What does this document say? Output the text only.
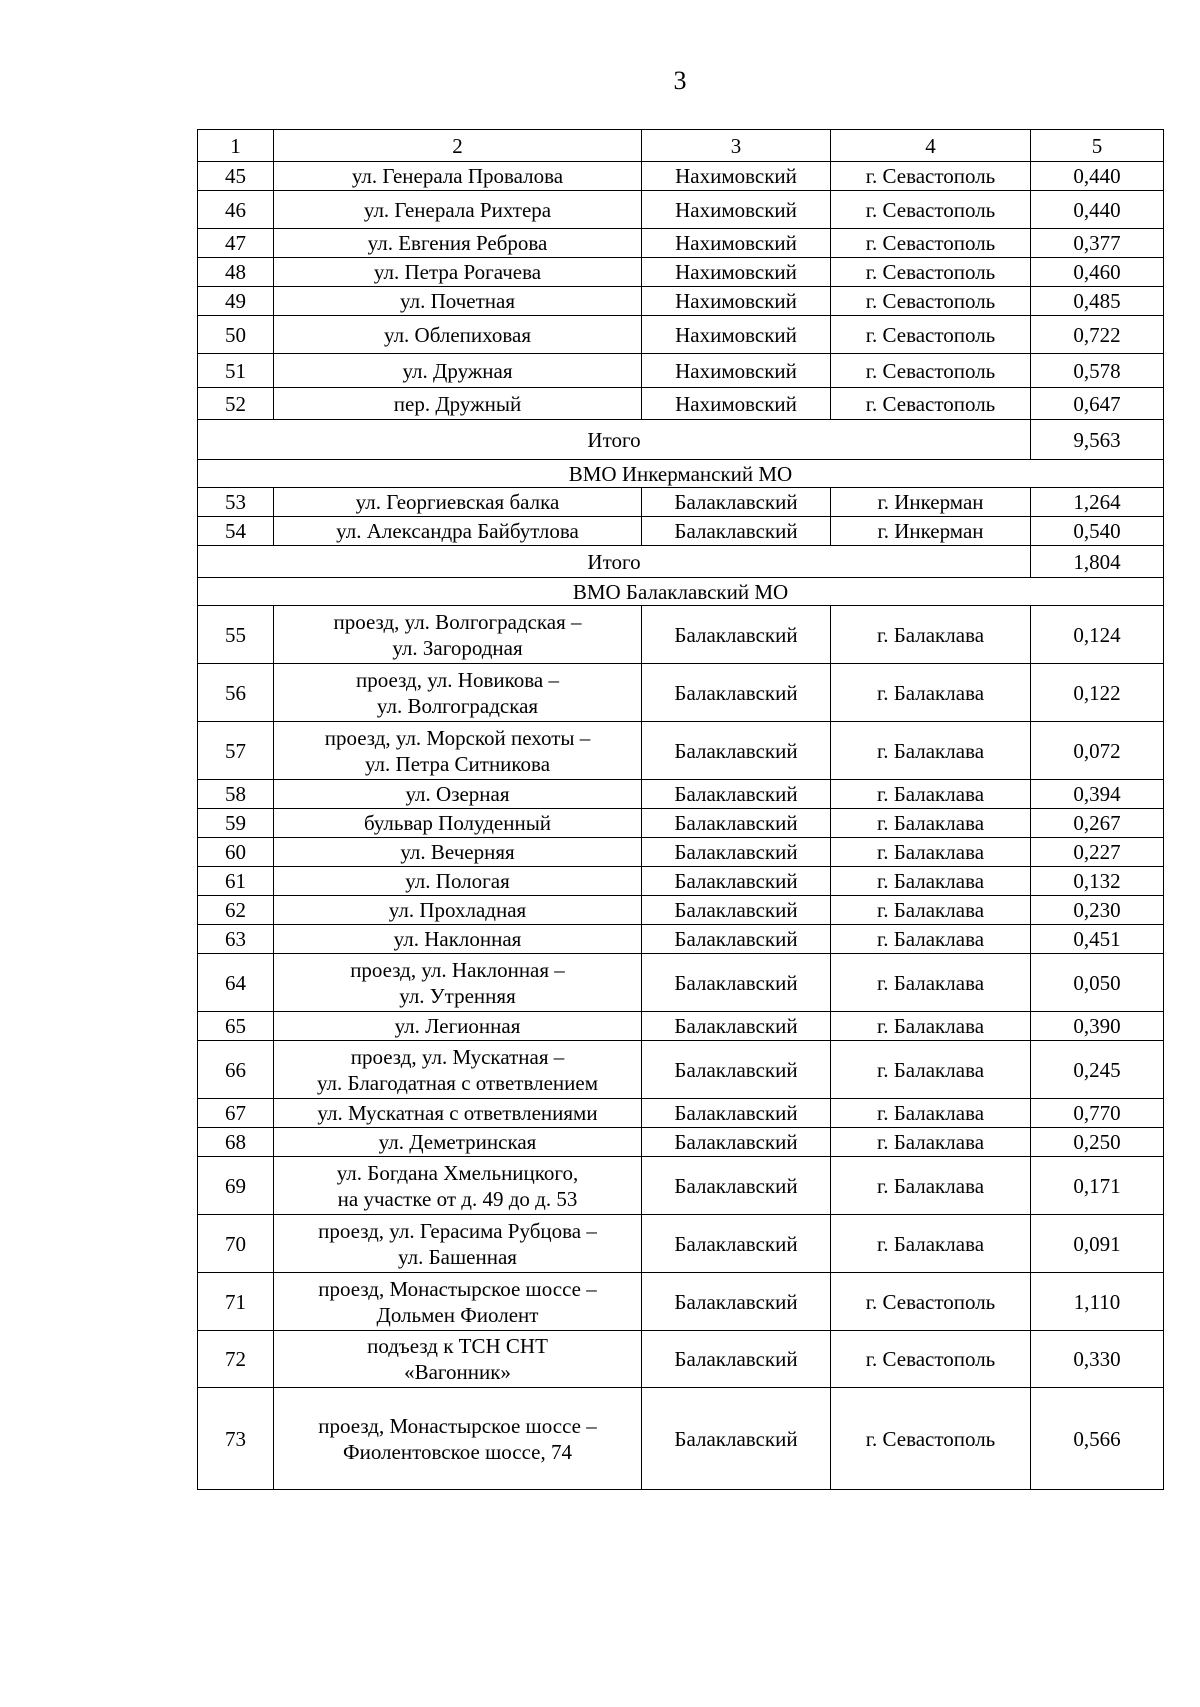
3
1	2	3	4	5
45	ул. Генерала Провалова	Нахимовский	г. Севастополь	0,440
46	ул. Генерала Рихтера	Нахимовский	г. Севастополь	0,440
47	ул. Евгения Реброва	Нахимовский	г. Севастополь	0,377
48	ул. Петра Рогачева	Нахимовский	г. Севастополь	0,460
49	ул. Почетная	Нахимовский	г. Севастополь	0,485
50	ул. Облепиховая	Нахимовский	г. Севастополь	0,722
51	ул. Дружная	Нахимовский	г. Севастополь	0,578
52	пер. Дружный	Нахимовский	г. Севастополь	0,647
Итого				9,563
ВМО Инкерманский МО				
53	ул. Георгиевская балка	Балаклавский	г. Инкерман	1,264
54	ул. Александра Байбутлова	Балаклавский	г. Инкерман	0,540
Итого				1,804
ВМО Балаклавский МО				
55	проезд, ул. Волгоградская –
ул. Загородная	Балаклавский	г. Балаклава	0,124
56	проезд, ул. Новикова –
ул. Волгоградская	Балаклавский	г. Балаклава	0,122
57	проезд, ул. Морской пехоты –
ул. Петра Ситникова	Балаклавский	г. Балаклава	0,072
58	ул. Озерная	Балаклавский	г. Балаклава	0,394
59	бульвар Полуденный	Балаклавский	г. Балаклава	0,267
60	ул. Вечерняя	Балаклавский	г. Балаклава	0,227
61	ул. Пологая	Балаклавский	г. Балаклава	0,132
62	ул. Прохладная	Балаклавский	г. Балаклава	0,230
63	ул. Наклонная	Балаклавский	г. Балаклава	0,451
64	проезд, ул. Наклонная –
ул. Утренняя	Балаклавский	г. Балаклава	0,050
65	ул. Легионная	Балаклавский	г. Балаклава	0,390
66	проезд, ул. Мускатная –
ул. Благодатная с ответвлением	Балаклавский	г. Балаклава	0,245
67	ул. Мускатная с ответвлениями	Балаклавский	г. Балаклава	0,770
68	ул. Деметринская	Балаклавский	г. Балаклава	0,250
69	ул. Богдана Хмельницкого,
на участке от д. 49 до д. 53	Балаклавский	г. Балаклава	0,171
70	проезд, ул. Герасима Рубцова –
ул. Башенная	Балаклавский	г. Балаклава	0,091
71	проезд, Монастырское шоссе –
Дольмен Фиолент	Балаклавский	г. Севастополь	1,110
72	подъезд к ТСН СНТ
«Вагонник»	Балаклавский	г. Севастополь	0,330
73	проезд, Монастырское шоссе –
Фиолентовское шоссе, 74	Балаклавский	г. Севастополь	0,566
